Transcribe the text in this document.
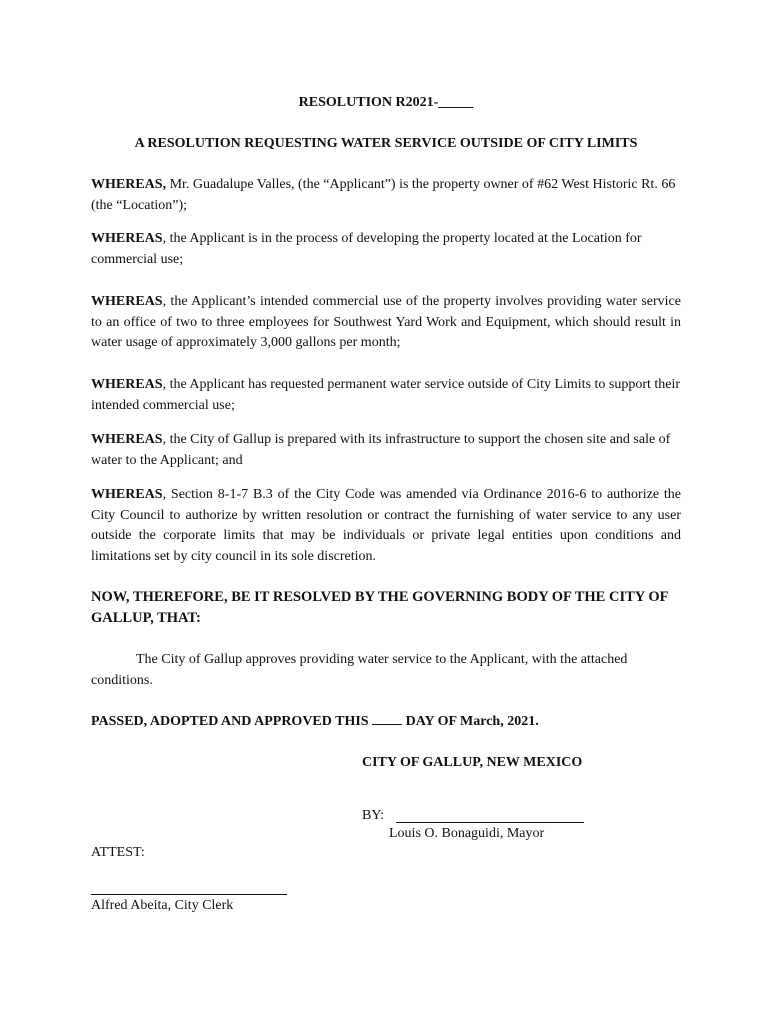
RESOLUTION R2021-_____

A RESOLUTION REQUESTING WATER SERVICE OUTSIDE OF CITY LIMITS

WHEREAS, Mr. Guadalupe Valles, (the “Applicant”) is the property owner of #62 West Historic Rt. 66 (the “Location”);

WHEREAS, the Applicant is in the process of developing the property located at the Location for commercial use;

WHEREAS, the Applicant’s intended commercial use of the property involves providing water service to an office of two to three employees for Southwest Yard Work and Equipment, which should result in water usage of approximately 3,000 gallons per month;

WHEREAS, the Applicant has requested permanent water service outside of City Limits to support their intended commercial use;

WHEREAS, the City of Gallup is prepared with its infrastructure to support the chosen site and sale of water to the Applicant; and

WHEREAS, Section 8-1-7 B.3 of the City Code was amended via Ordinance 2016-6 to authorize the City Council to authorize by written resolution or contract the furnishing of water service to any user outside the corporate limits that may be individuals or private legal entities upon conditions and limitations set by city council in its sole discretion.

NOW, THEREFORE, BE IT RESOLVED BY THE GOVERNING BODY OF THE CITY OF GALLUP, THAT:

The City of Gallup approves providing water service to the Applicant, with the attached conditions.

PASSED, ADOPTED AND APPROVED THIS	DAY OF March, 2021.

CITY OF GALLUP, NEW MEXICO

BY:

Louis O. Bonaguidi, Mayor

ATTEST:

Alfred Abeita, City Clerk
